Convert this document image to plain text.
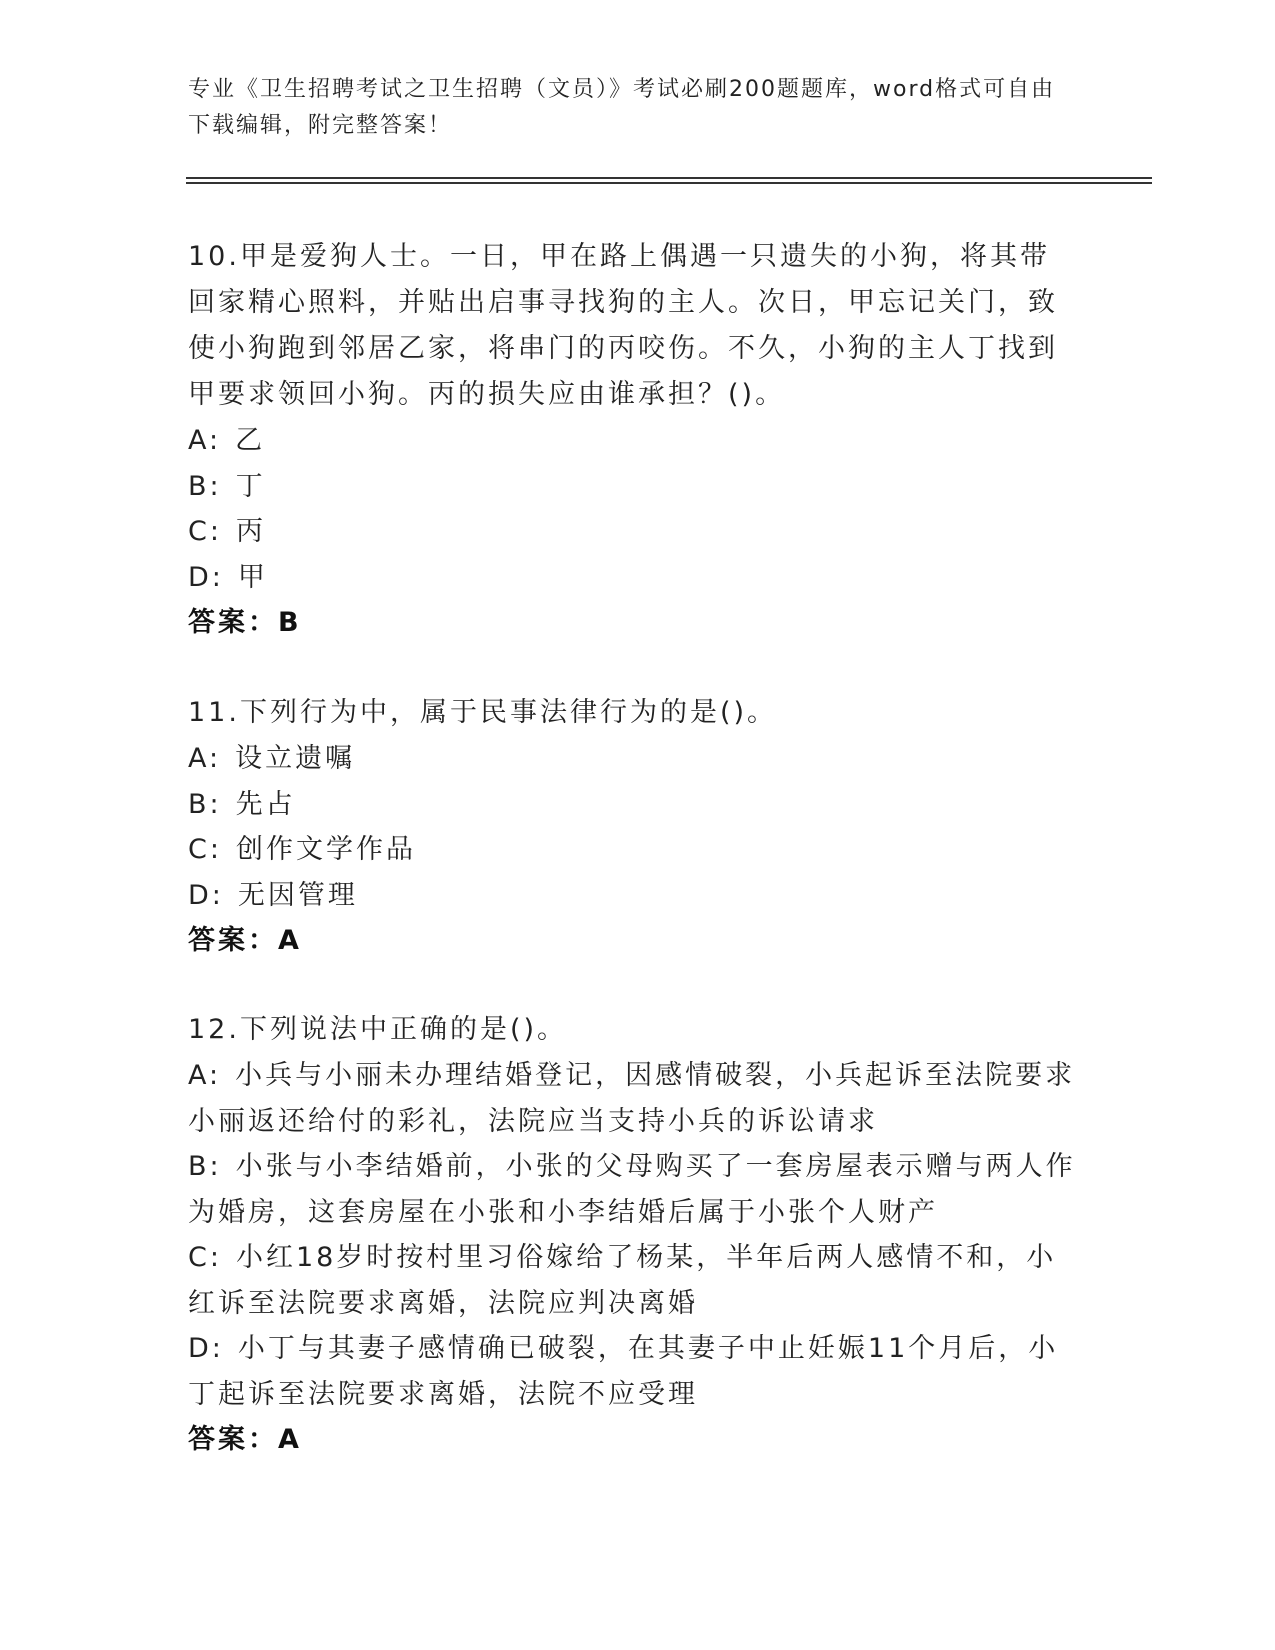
专业《卫生招聘考试之卫生招聘（文员）》考试必刷200题题库，word格式可自由下载编辑，附完整答案！

10.甲是爱狗人士。一日，甲在路上偶遇一只遗失的小狗，将其带回家精心照料，并贴出启事寻找狗的主人。次日，甲忘记关门，致使小狗跑到邻居乙家，将串门的丙咬伤。不久，小狗的主人丁找到甲要求领回小狗。丙的损失应由谁承担？()。

A: 乙

B: 丁

C: 丙

D: 甲

答案：B

11.下列行为中，属于民事法律行为的是()。

A: 设立遗嘱

B: 先占

C: 创作文学作品

D: 无因管理

答案：A

12.下列说法中正确的是()。

A: 小兵与小丽未办理结婚登记，因感情破裂，小兵起诉至法院要求小丽返还给付的彩礼，法院应当支持小兵的诉讼请求

B: 小张与小李结婚前，小张的父母购买了一套房屋表示赠与两人作为婚房，这套房屋在小张和小李结婚后属于小张个人财产

C: 小红18岁时按村里习俗嫁给了杨某，半年后两人感情不和，小红诉至法院要求离婚，法院应判决离婚

D: 小丁与其妻子感情确已破裂，在其妻子中止妊娠11个月后，小丁起诉至法院要求离婚，法院不应受理

答案：A
